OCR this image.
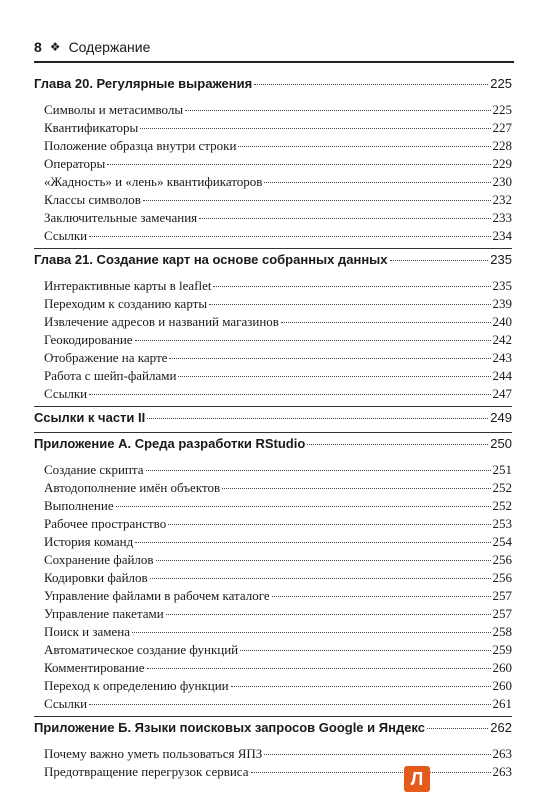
8 ❖ Содержание
Глава 20. Регулярные выражения	225
Символы и метасимволы	225
Квантификаторы	227
Положение образца внутри строки	228
Операторы	229
«Жадность» и «лень» квантификаторов	230
Классы символов	232
Заключительные замечания	233
Ссылки	234
Глава 21. Создание карт на основе собранных данных	235
Интерактивные карты в leaflet	235
Переходим к созданию карты	239
Извлечение адресов и названий магазинов	240
Геокодирование	242
Отображение на карте	243
Работа с шейп-файлами	244
Ссылки	247
Ссылки к части II	249
Приложение А. Среда разработки RStudio	250
Создание скрипта	251
Автодополнение имён объектов	252
Выполнение	252
Рабочее пространство	253
История команд	254
Сохранение файлов	256
Кодировки файлов	256
Управление файлами в рабочем каталоге	257
Управление пакетами	257
Поиск и замена	258
Автоматическое создание функций	259
Комментирование	260
Переход к определению функции	260
Ссылки	261
Приложение Б. Языки поисковых запросов Google и Яндекс	262
Почему важно уметь пользоваться ЯПЗ	263
Предотвращение перегрузок сервиса	263
Л
